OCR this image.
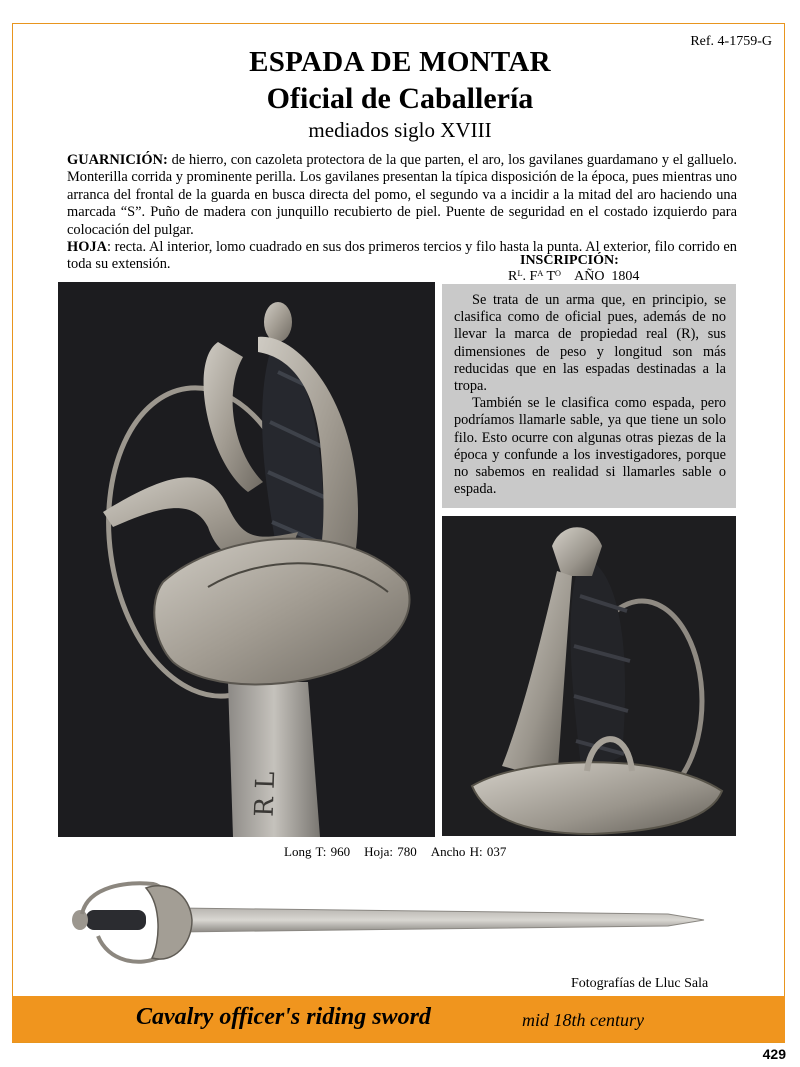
Ref. 4-1759-G
ESPADA DE MONTAR
Oficial de Caballería
mediados siglo XVIII

GUARNICIÓN: de hierro, con cazoleta protectora de la que parten, el aro, los gavilanes guardamano y el galluelo. Monterilla corrida y prominente perilla. Los gavilanes presentan la típica disposición de la época, pues mientras uno arranca del frontal de la guarda en busca directa del pomo, el segundo va a incidir a la mitad del aro haciendo una marcada “S”. Puño de madera con junquillo recubierto de piel. Puente de seguridad en el costado izquierdo para colocación del pulgar.

HOJA: recta. Al interior, lomo cuadrado en sus dos primeros tercios y filo hasta la punta. Al exterior, filo corrido en toda su extensión.	INSCRIPCIÓN:
Rᴸ. Fᴬ Tᴼ    AÑO  1804
R L

Se trata de un arma que, en principio, se clasifica como de oficial pues, además de no llevar la marca de propiedad real (R), sus dimensiones de peso y longitud son más reducidas que en las espadas destinadas a la tropa.

También se le clasifica como espada, pero podríamos llamarle sable, ya que tiene un solo filo. Esto ocurre con algunas otras piezas de la época y confunde a los investigadores, porque no sabemos en realidad si llamarles sable o espada.

Long T: 960 Hoja: 780 Ancho H: 037
Fotografías de Lluc Sala
Cavalry officer's riding sword	mid 18th century
429
